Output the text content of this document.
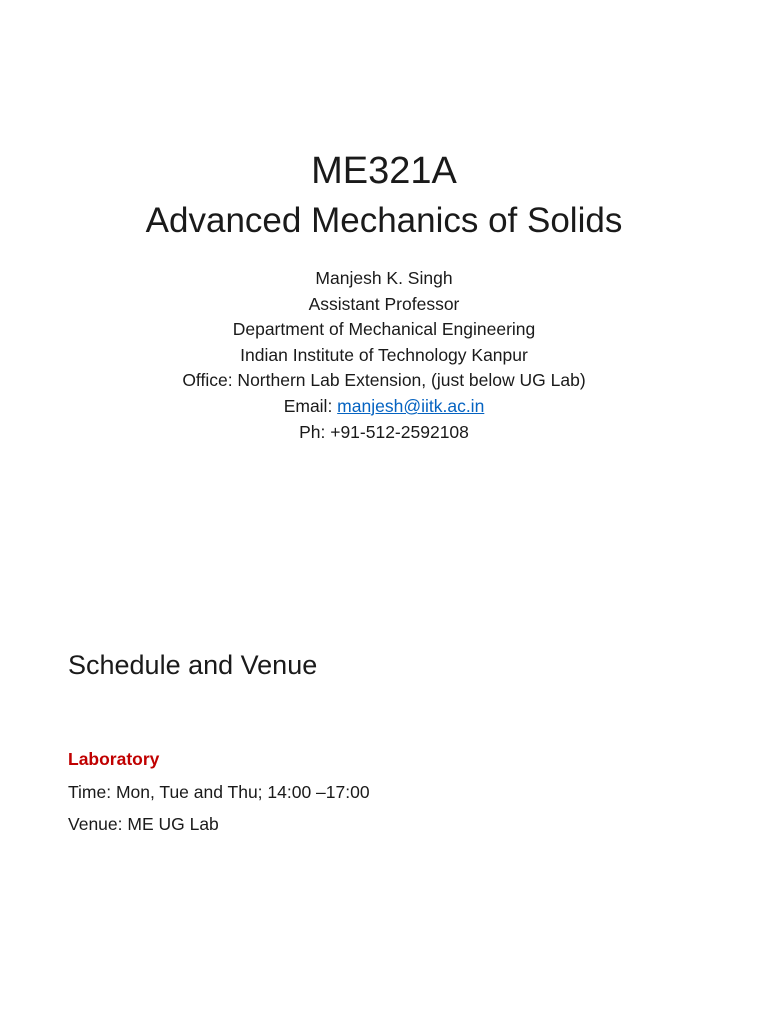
ME321A
Advanced Mechanics of Solids
Manjesh K. Singh
Assistant Professor
Department of Mechanical Engineering
Indian Institute of Technology Kanpur
Office: Northern Lab Extension, (just below UG Lab)
Email: manjesh@iitk.ac.in
Ph: +91-512-2592108
Schedule and Venue
Laboratory
Time: Mon, Tue and Thu; 14:00 –17:00
Venue: ME UG Lab
